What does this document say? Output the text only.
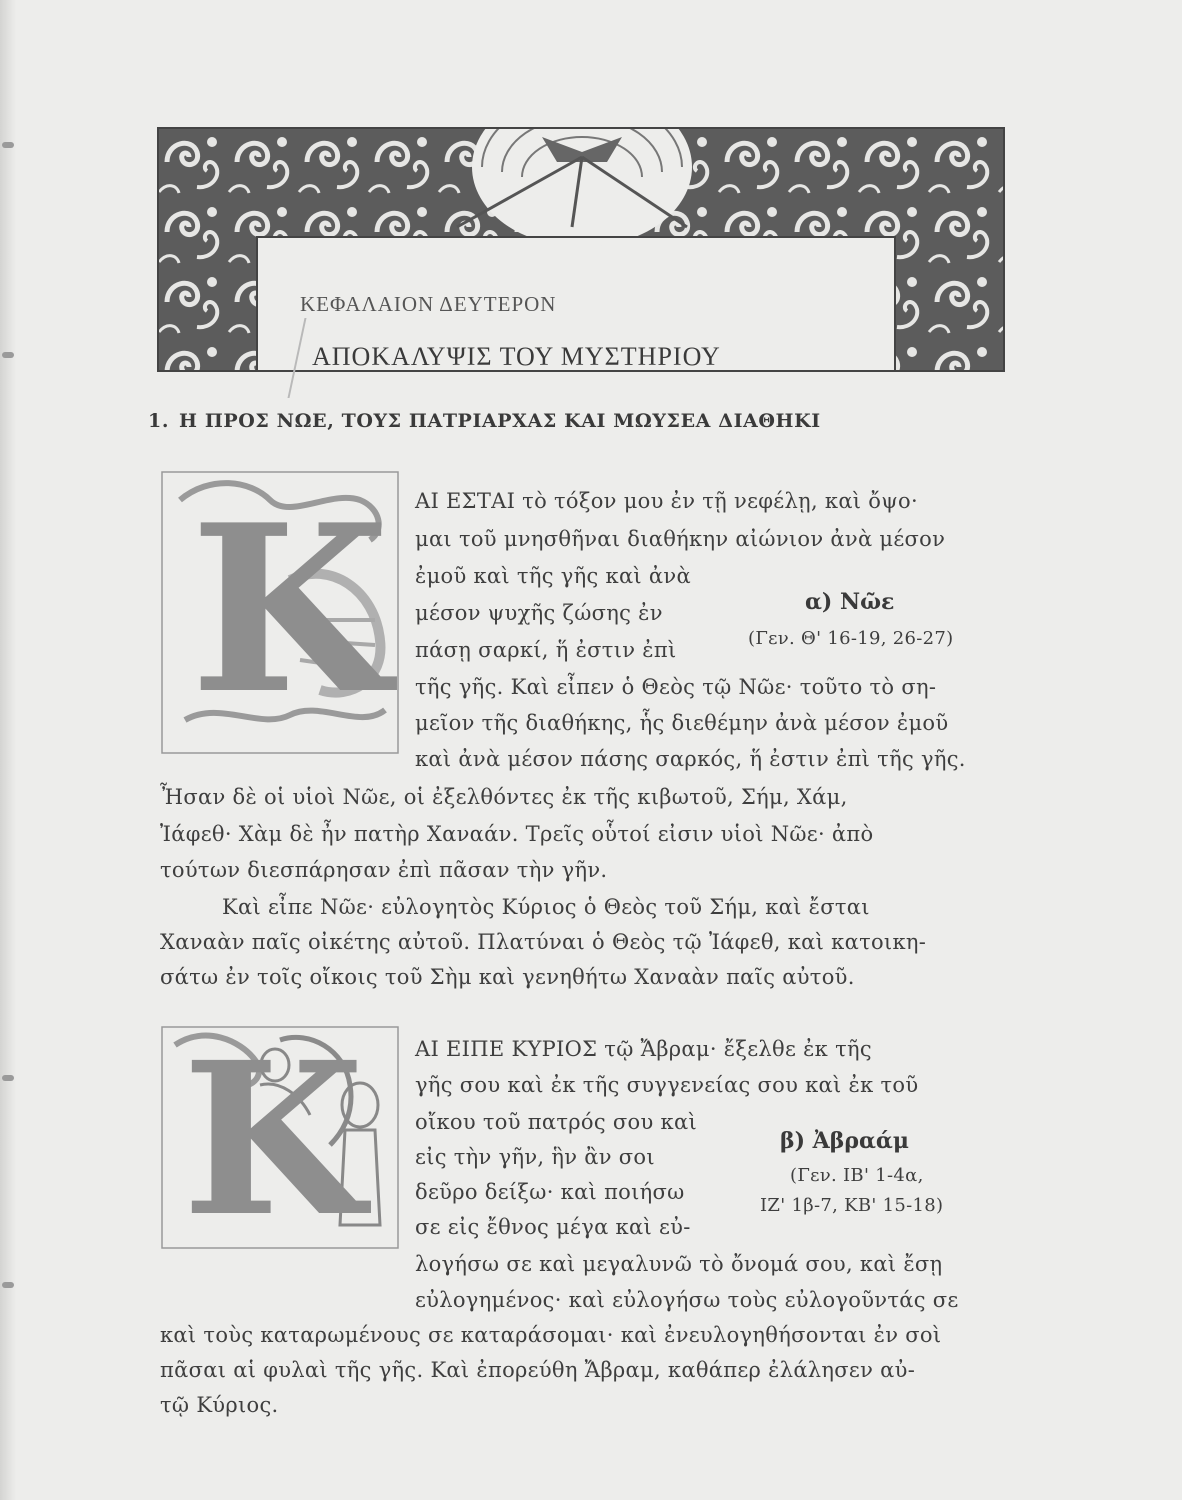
ΚΕΦΑΛΑΙΟΝ ΔΕΥΤΕΡΟΝ
ΑΠΟΚΑΛΥΨΙΣ ΤΟΥ ΜΥΣΤΗΡΙΟΥ
1. Η ΠΡΟΣ ΝΩΕ, ΤΟΥΣ ΠΑΤΡΙΑΡΧΑΣ ΚΑΙ ΜΩΥΣΕΑ ΔΙΑΘΗΚΙ
K ΑΙ ΕΣΤΑΙ τὸ τόξον μου ἐν τῇ νεφέλῃ, καὶ ὄψο·
μαι τοῦ μνησθῆναι διαθήκην αἰώνιον ἀνὰ μέσον
ἐμοῦ καὶ τῆς γῆς καὶ ἀνὰ
μέσον ψυχῆς ζώσης ἐν
πάσῃ σαρκί, ἥ ἐστιν ἐπὶ
τῆς γῆς. Καὶ εἶπεν ὁ Θεὸς τῷ Νῶε· τοῦτο τὸ ση-
μεῖον τῆς διαθήκης, ἧς διεθέμην ἀνὰ μέσον ἐμοῦ
καὶ ἀνὰ μέσον πάσης σαρκός, ἥ ἐστιν ἐπὶ τῆς γῆς.
Ἦσαν δὲ οἱ υἱοὶ Νῶε, οἱ ἐξελθόντες ἐκ τῆς κιβωτοῦ, Σήμ, Χάμ,
Ἰάφεθ· Χὰμ δὲ ἦν πατὴρ Χαναάν. Τρεῖς οὗτοί εἰσιν υἱοὶ Νῶε· ἀπὸ
τούτων διεσπάρησαν ἐπὶ πᾶσαν τὴν γῆν.
Καὶ εἶπε Νῶε· εὐλογητὸς Κύριος ὁ Θεὸς τοῦ Σήμ, καὶ ἔσται
Χαναὰν παῖς οἰκέτης αὐτοῦ. Πλατύναι ὁ Θεὸς τῷ Ἰάφεθ, καὶ κατοικη-
σάτω ἐν τοῖς οἴκοις τοῦ Σὴμ καὶ γενηθήτω Χαναὰν παῖς αὐτοῦ.
α) Νῶε
(Γεν. Θ' 16-19, 26-27)
K ΑΙ ΕΙΠΕ ΚΥΡΙΟΣ τῷ Ἄβραμ· ἔξελθε ἐκ τῆς
γῆς σου καὶ ἐκ τῆς συγγενείας σου καὶ ἐκ τοῦ
οἴκου τοῦ πατρός σου καὶ
εἰς τὴν γῆν, ἣν ἂν σοι
δεῦρο δείξω· καὶ ποιήσω
σε εἰς ἔθνος μέγα καὶ εὐ-
λογήσω σε καὶ μεγαλυνῶ τὸ ὄνομά σου, καὶ ἔσῃ
εὐλογημένος· καὶ εὐλογήσω τοὺς εὐλογοῦντάς σε
καὶ τοὺς καταρωμένους σε καταράσομαι· καὶ ἐνευλογηθήσονται ἐν σοὶ
πᾶσαι αἱ φυλαὶ τῆς γῆς. Καὶ ἐπορεύθη Ἄβραμ, καθάπερ ἐλάλησεν αὐ-
τῷ Κύριος.
β) Ἀβραάμ
(Γεν. ΙΒ' 1-4α,
ΙΖ' 1β-7, ΚΒ' 15-18)
